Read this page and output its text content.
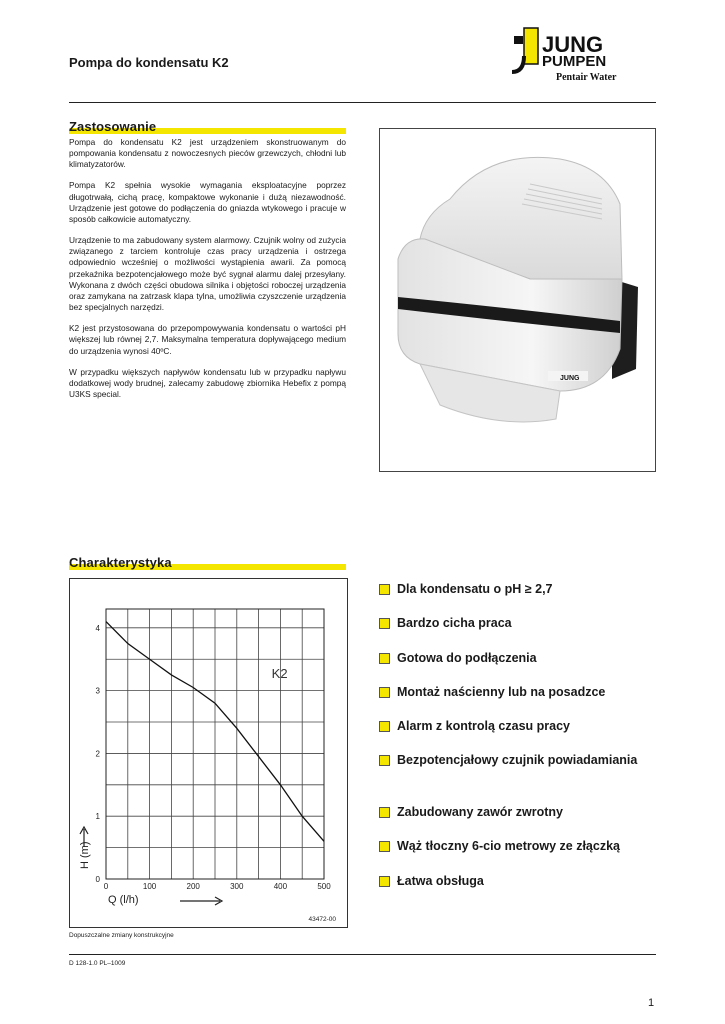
Pompa do kondensatu K2
JUNG
PUMPEN
Pentair Water
Zastosowanie

Pompa do kondensatu K2 jest urządzeniem skonstruowanym do pompowania kondensatu z nowoczesnych pieców grzewczych, chłodni lub klimatyzatorów.

Pompa K2 spełnia wysokie wymagania eksploatacyjne poprzez długotrwałą, cichą pracę, kompaktowe wykonanie i dużą niezawodność. Urządzenie jest gotowe do podłączenia do gniazda wtykowego i pracuje w sposób całkowicie automatyczny.

Urządzenie to ma zabudowany system alarmowy. Czujnik wolny od zużycia związanego z tarciem kontroluje czas pracy urządzenia i ostrzega odpowiednio wcześniej o możliwości wystąpienia awarii. Za pomocą przekaźnika bezpotencjałowego może być sygnał alarmu dalej przesyłany. Wykonana z dwóch części obudowa silnika i objętości roboczej urządzenia oraz zamykana na zatrzask klapa tylna, umożliwia czyszczenie urządzenia bez specjalnych narzędzi.

K2 jest przystosowana do przepompowywania kondensatu o wartości pH większej lub równej 2,7. Maksymalna temperatura dopływającego medium do urządzenia wynosi 40ºC.

W przypadku większych napływów kondensatu lub w przypadku napływu dodatkowej wody brudnej, zalecamy zabudowę zbiornika Hebefix z pompą U3KS special.

JUNG
Charakterystyka
0	100	200	300	400	500
0
1
2
3
4
K2
H (m)
Q (l/h)
43472-00
Dla kondensatu o pH ≥ 2,7
Bardzo cicha praca
Gotowa do podłączenia
Montaż naścienny lub na posadzce
Alarm z kontrolą czasu pracy
Bezpotencjałowy czujnik powiadamiania
Zabudowany zawór zwrotny
Wąż tłoczny 6-cio metrowy ze złączką
Łatwa obsługa
Dopuszczalne zmiany konstrukcyjne
D 128-1.0 PL–1009
1
